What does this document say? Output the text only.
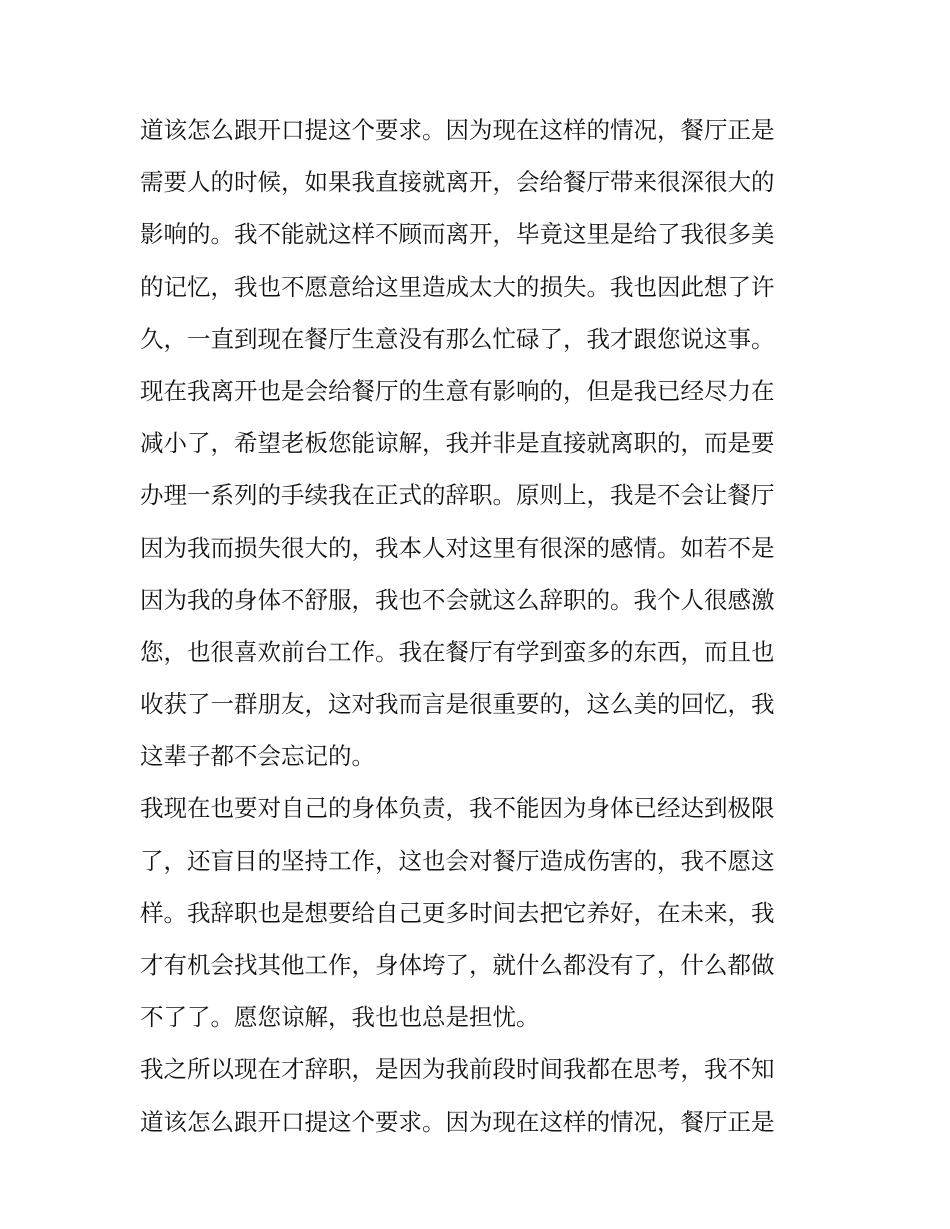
道该怎么跟开口提这个要求。因为现在这样的情况，餐厅正是
需要人的时候，如果我直接就离开，会给餐厅带来很深很大的
影响的。我不能就这样不顾而离开，毕竟这里是给了我很多美
的记忆，我也不愿意给这里造成太大的损失。我也因此想了许
久，一直到现在餐厅生意没有那么忙碌了，我才跟您说这事。
现在我离开也是会给餐厅的生意有影响的，但是我已经尽力在
减小了，希望老板您能谅解，我并非是直接就离职的，而是要
办理一系列的手续我在正式的辞职。原则上，我是不会让餐厅
因为我而损失很大的，我本人对这里有很深的感情。如若不是
因为我的身体不舒服，我也不会就这么辞职的。我个人很感激
您，也很喜欢前台工作。我在餐厅有学到蛮多的东西，而且也
收获了一群朋友，这对我而言是很重要的，这么美的回忆，我
这辈子都不会忘记的。
我现在也要对自己的身体负责，我不能因为身体已经达到极限
了，还盲目的坚持工作，这也会对餐厅造成伤害的，我不愿这
样。我辞职也是想要给自己更多时间去把它养好，在未来，我
才有机会找其他工作，身体垮了，就什么都没有了，什么都做
不了了。愿您谅解，我也也总是担忧。
我之所以现在才辞职，是因为我前段时间我都在思考，我不知
道该怎么跟开口提这个要求。因为现在这样的情况，餐厅正是
